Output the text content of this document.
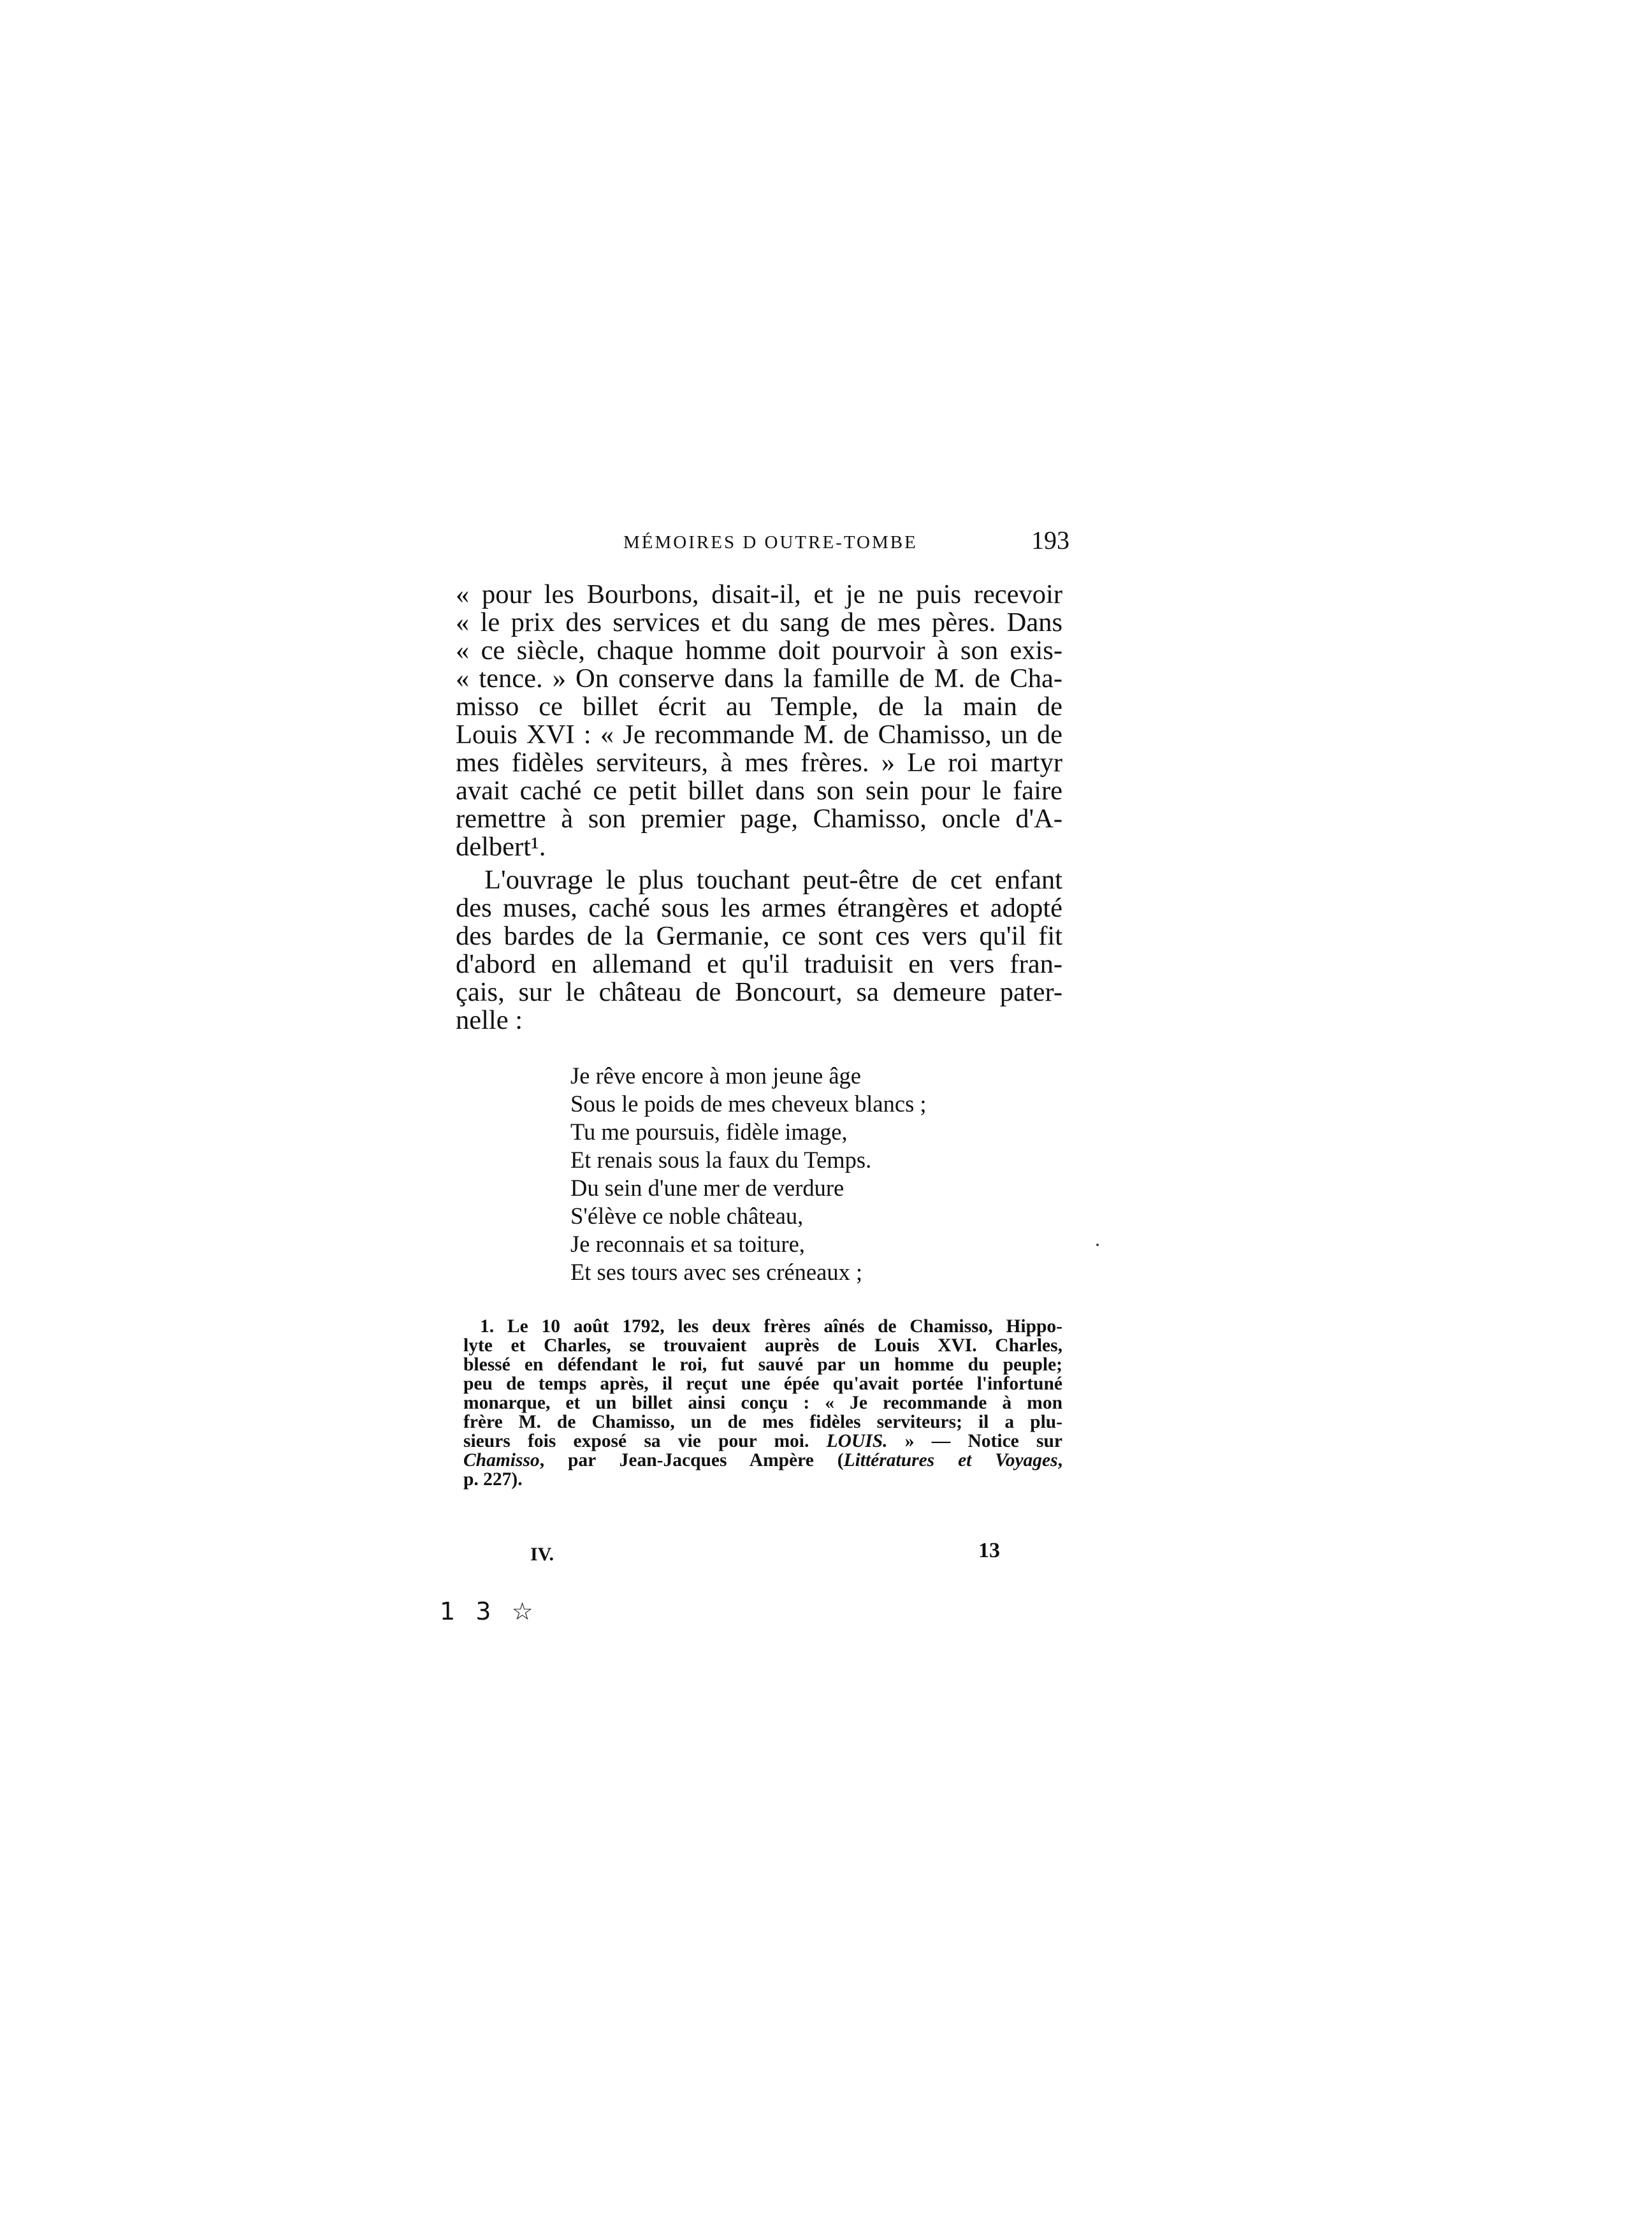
MÉMOIRES D OUTRE-TOMBE	193
« pour les Bourbons, disait-il, et je ne puis recevoir
« le prix des services et du sang de mes pères. Dans
« ce siècle, chaque homme doit pourvoir à son exis-
« tence. » On conserve dans la famille de M. de Cha-
misso ce billet écrit au Temple, de la main de
Louis XVI : « Je recommande M. de Chamisso, un de
mes fidèles serviteurs, à mes frères. » Le roi martyr
avait caché ce petit billet dans son sein pour le faire
remettre à son premier page, Chamisso, oncle d'A-
delbert¹.
L'ouvrage le plus touchant peut-être de cet enfant
des muses, caché sous les armes étrangères et adopté
des bardes de la Germanie, ce sont ces vers qu'il fit
d'abord en allemand et qu'il traduisit en vers fran-
çais, sur le château de Boncourt, sa demeure pater-
nelle :
Je rêve encore à mon jeune âge
Sous le poids de mes cheveux blancs ;
Tu me poursuis, fidèle image,
Et renais sous la faux du Temps.
Du sein d'une mer de verdure
S'élève ce noble château,
Je reconnais et sa toiture,
Et ses tours avec ses créneaux ;
1. Le 10 août 1792, les deux frères aînés de Chamisso, Hippo-
lyte et Charles, se trouvaient auprès de Louis XVI. Charles,
blessé en défendant le roi, fut sauvé par un homme du peuple;
peu de temps après, il reçut une épée qu'avait portée l'infortuné
monarque, et un billet ainsi conçu : « Je recommande à mon
frère M. de Chamisso, un de mes fidèles serviteurs; il a plu-
sieurs fois exposé sa vie pour moi. LOUIS. » — Notice sur
Chamisso, par Jean-Jacques Ampère (Littératures et Voyages,
p. 227).
IV.	13
1 3 ☆
